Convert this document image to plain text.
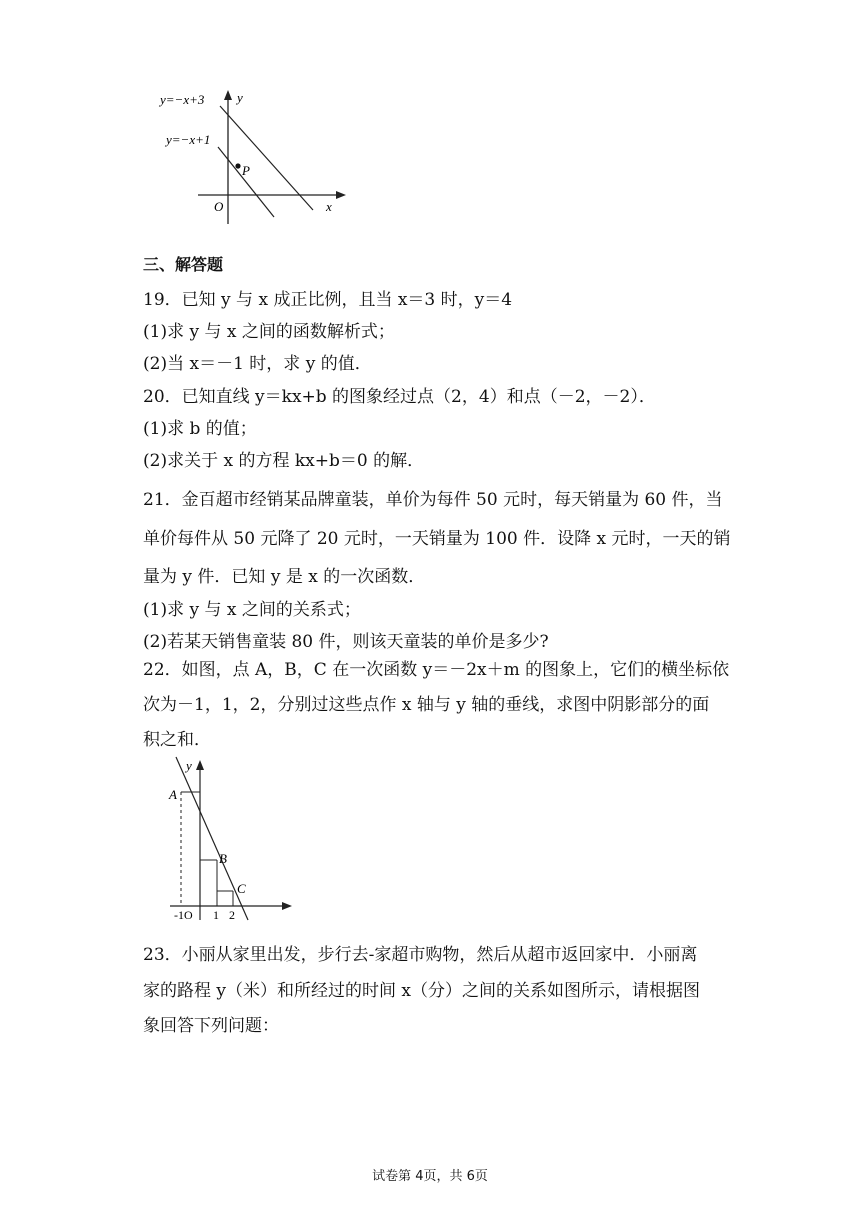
P
y=−x+3
y=−x+1
y
x
O
三、解答题
19．已知 y 与 x 成正比例，且当 x＝3 时，y＝4
(1)求 y 与 x 之间的函数解析式；
(2)当 x＝－1 时，求 y 的值．
20．已知直线 y＝kx+b 的图象经过点（2，4）和点（－2，－2）．
(1)求 b 的值；
(2)求关于 x 的方程 kx+b＝0 的解．
21．金百超市经销某品牌童装，单价为每件 50 元时，每天销量为 60 件，当
单价每件从 50 元降了 20 元时，一天销量为 100 件．设降 x 元时，一天的销
量为 y 件．已知 y 是 x 的一次函数．
(1)求 y 与 x 之间的关系式；
(2)若某天销售童装 80 件，则该天童装的单价是多少?
22．如图，点 A，B，C 在一次函数 y＝－2x＋m 的图象上，它们的横坐标依
次为－1，1，2，分别过这些点作 x 轴与 y 轴的垂线，求图中阴影部分的面
积之和．
y
A
B
C
-1O 1 2
23．小丽从家里出发，步行去-家超市购物，然后从超市返回家中．小丽离
家的路程 y（米）和所经过的时间 x（分）之间的关系如图所示，请根据图
象回答下列问题：
试卷第 4页，共 6页
